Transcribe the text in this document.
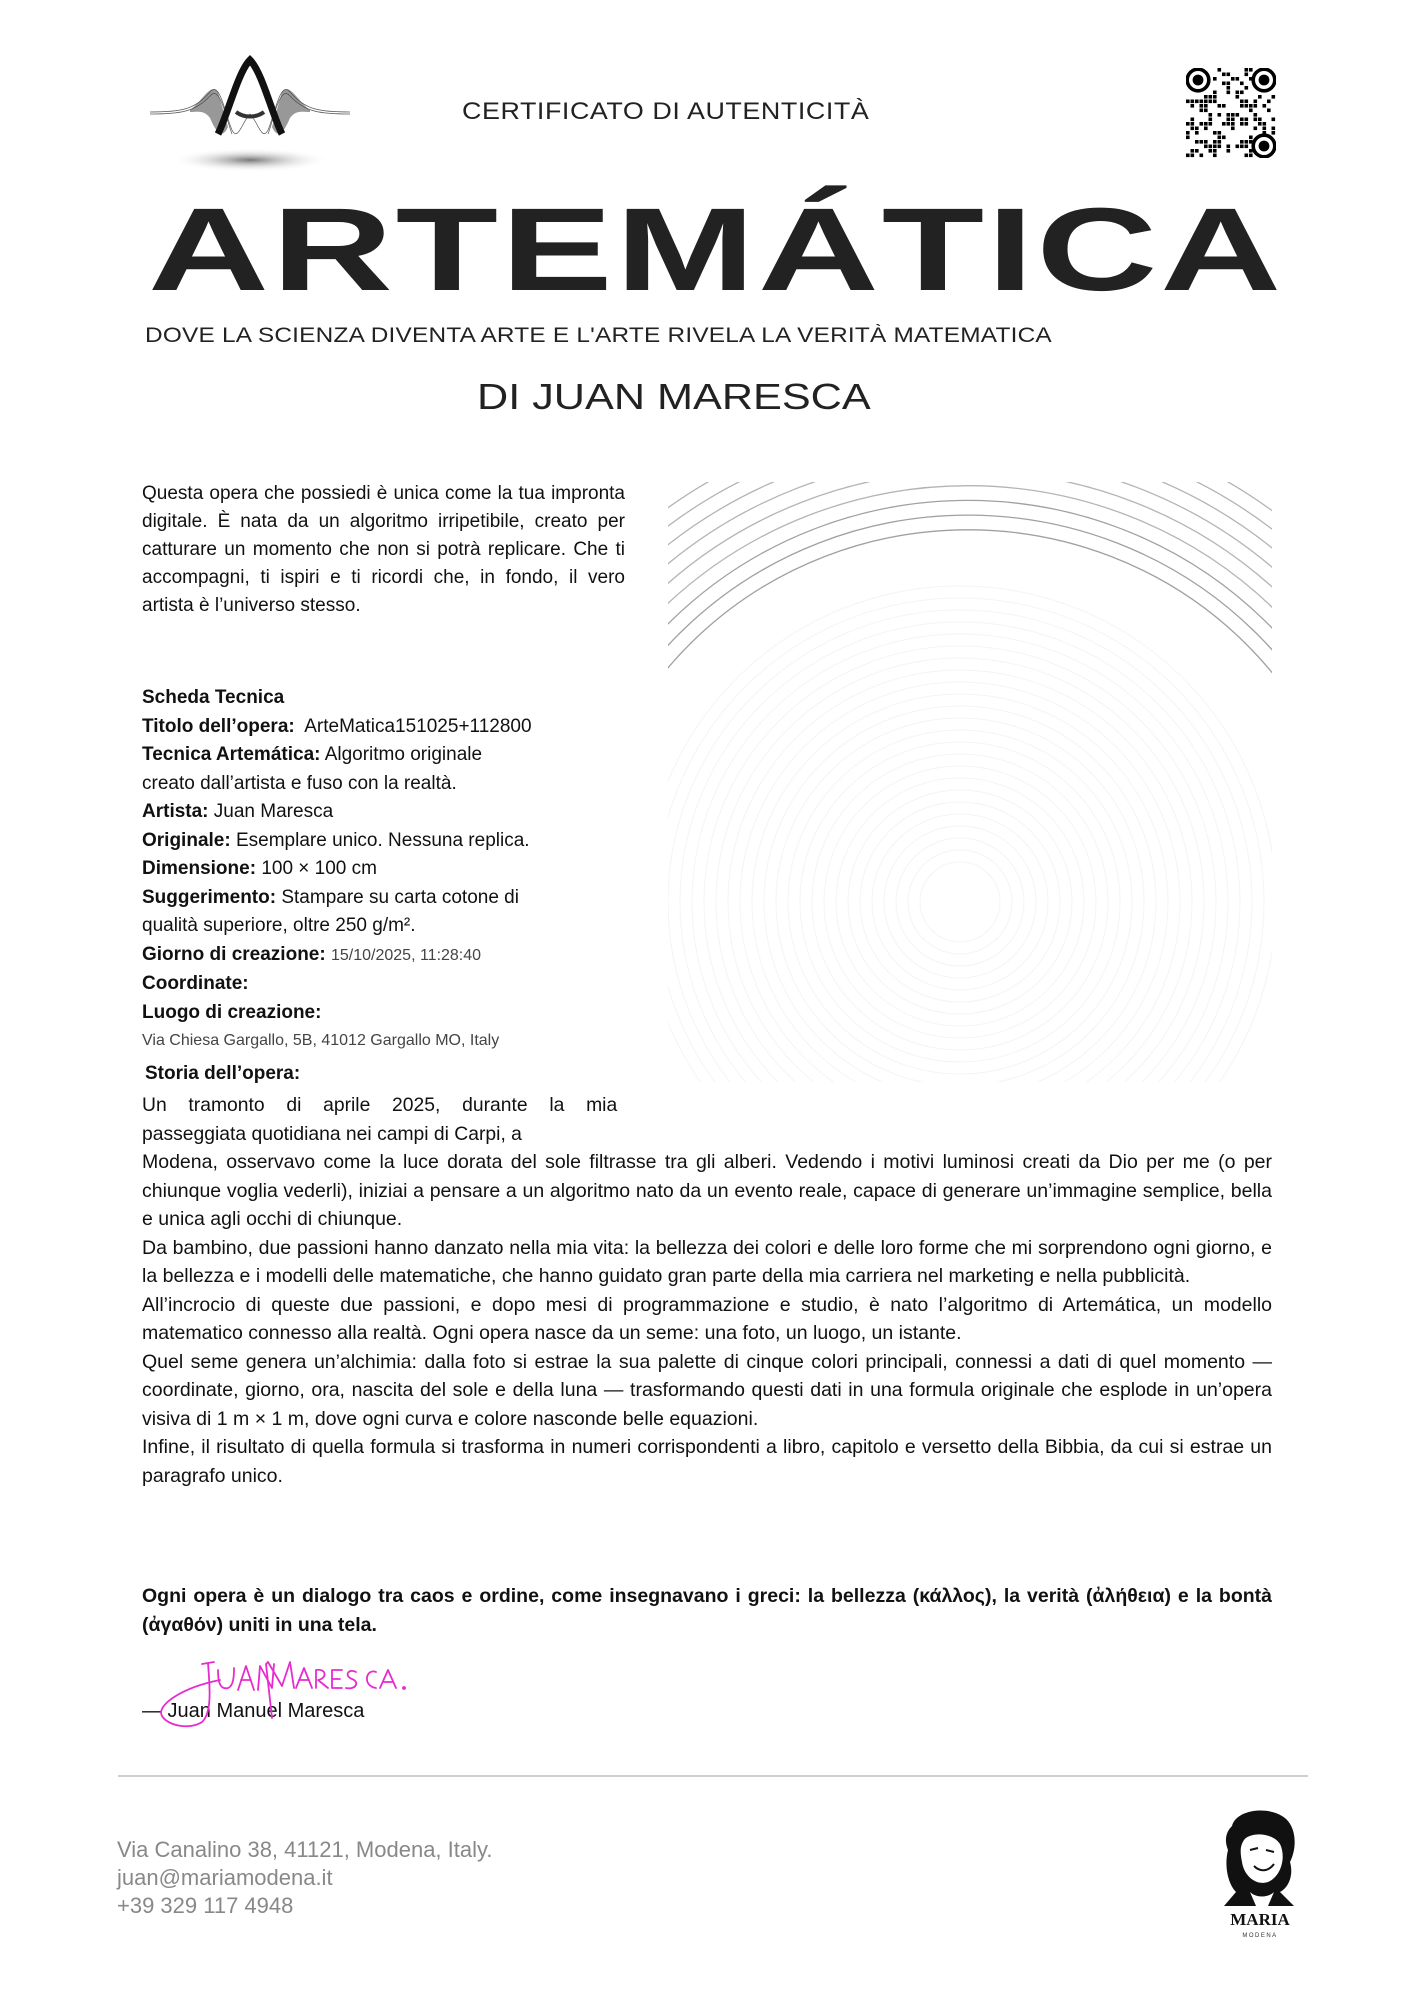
CERTIFICATO DI AUTENTICITÀ
ARTEMÁTICA
DOVE LA SCIENZA DIVENTA ARTE E L'ARTE RIVELA LA VERITÀ MATEMATICA
DI JUAN MARESCA
Questa opera che possiedi è unica come la tua impronta digitale. È nata da un algoritmo irripetibile, creato per catturare un momento che non si potrà replicare. Che ti accompagni, ti ispiri e ti ricordi che, in fondo, il vero artista è l’universo stesso.
Scheda Tecnica
Titolo dell’opera: ArteMatica151025+112800
Tecnica Artemática: Algoritmo originale
creato dall’artista e fuso con la realtà.
Artista: Juan Maresca
Originale: Esemplare unico. Nessuna replica.
Dimensione: 100 × 100 cm
Suggerimento: Stampare su carta cotone di
qualità superiore, oltre 250 g/m².
Giorno di creazione: 15/10/2025, 11:28:40
Coordinate:
Luogo di creazione:
Via Chiesa Gargallo, 5B, 41012 Gargallo MO, Italy
Storia dell’opera:

Un tramonto di aprile 2025, durante la mia

passeggiata quotidiana nei campi di Carpi, a

Modena, osservavo come la luce dorata del sole filtrasse tra gli alberi. Vedendo i motivi luminosi creati da Dio per me (o per chiunque voglia vederli), iniziai a pensare a un algoritmo nato da un evento reale, capace di generare un’immagine semplice, bella e unica agli occhi di chiunque.

Da bambino, due passioni hanno danzato nella mia vita: la bellezza dei colori e delle loro forme che mi sorprendono ogni giorno, e la bellezza e i modelli delle matematiche, che hanno guidato gran parte della mia carriera nel marketing e nella pubblicità.

All’incrocio di queste due passioni, e dopo mesi di programmazione e studio, è nato l’algoritmo di Artemática, un modello matematico connesso alla realtà. Ogni opera nasce da un seme: una foto, un luogo, un istante.

Quel seme genera un’alchimia: dalla foto si estrae la sua palette di cinque colori principali, connessi a dati di quel momento — coordinate, giorno, ora, nascita del sole e della luna — trasformando questi dati in una formula originale che esplode in un’opera visiva di 1 m × 1 m, dove ogni curva e colore nasconde belle equazioni.

Infine, il risultato di quella formula si trasforma in numeri corrispondenti a libro, capitolo e versetto della Bibbia, da cui si estrae un paragrafo unico.

Ogni opera è un dialogo tra caos e ordine, come insegnavano i greci: la bellezza (κάλλος), la verità (ἀλήθεια) e la bontà (ἀγαθόν) uniti in una tela.
— Juan Manuel Maresca
Via Canalino 38, 41121, Modena, Italy.
juan@mariamodena.it
+39 329 117 4948
MARIA
MODENA
